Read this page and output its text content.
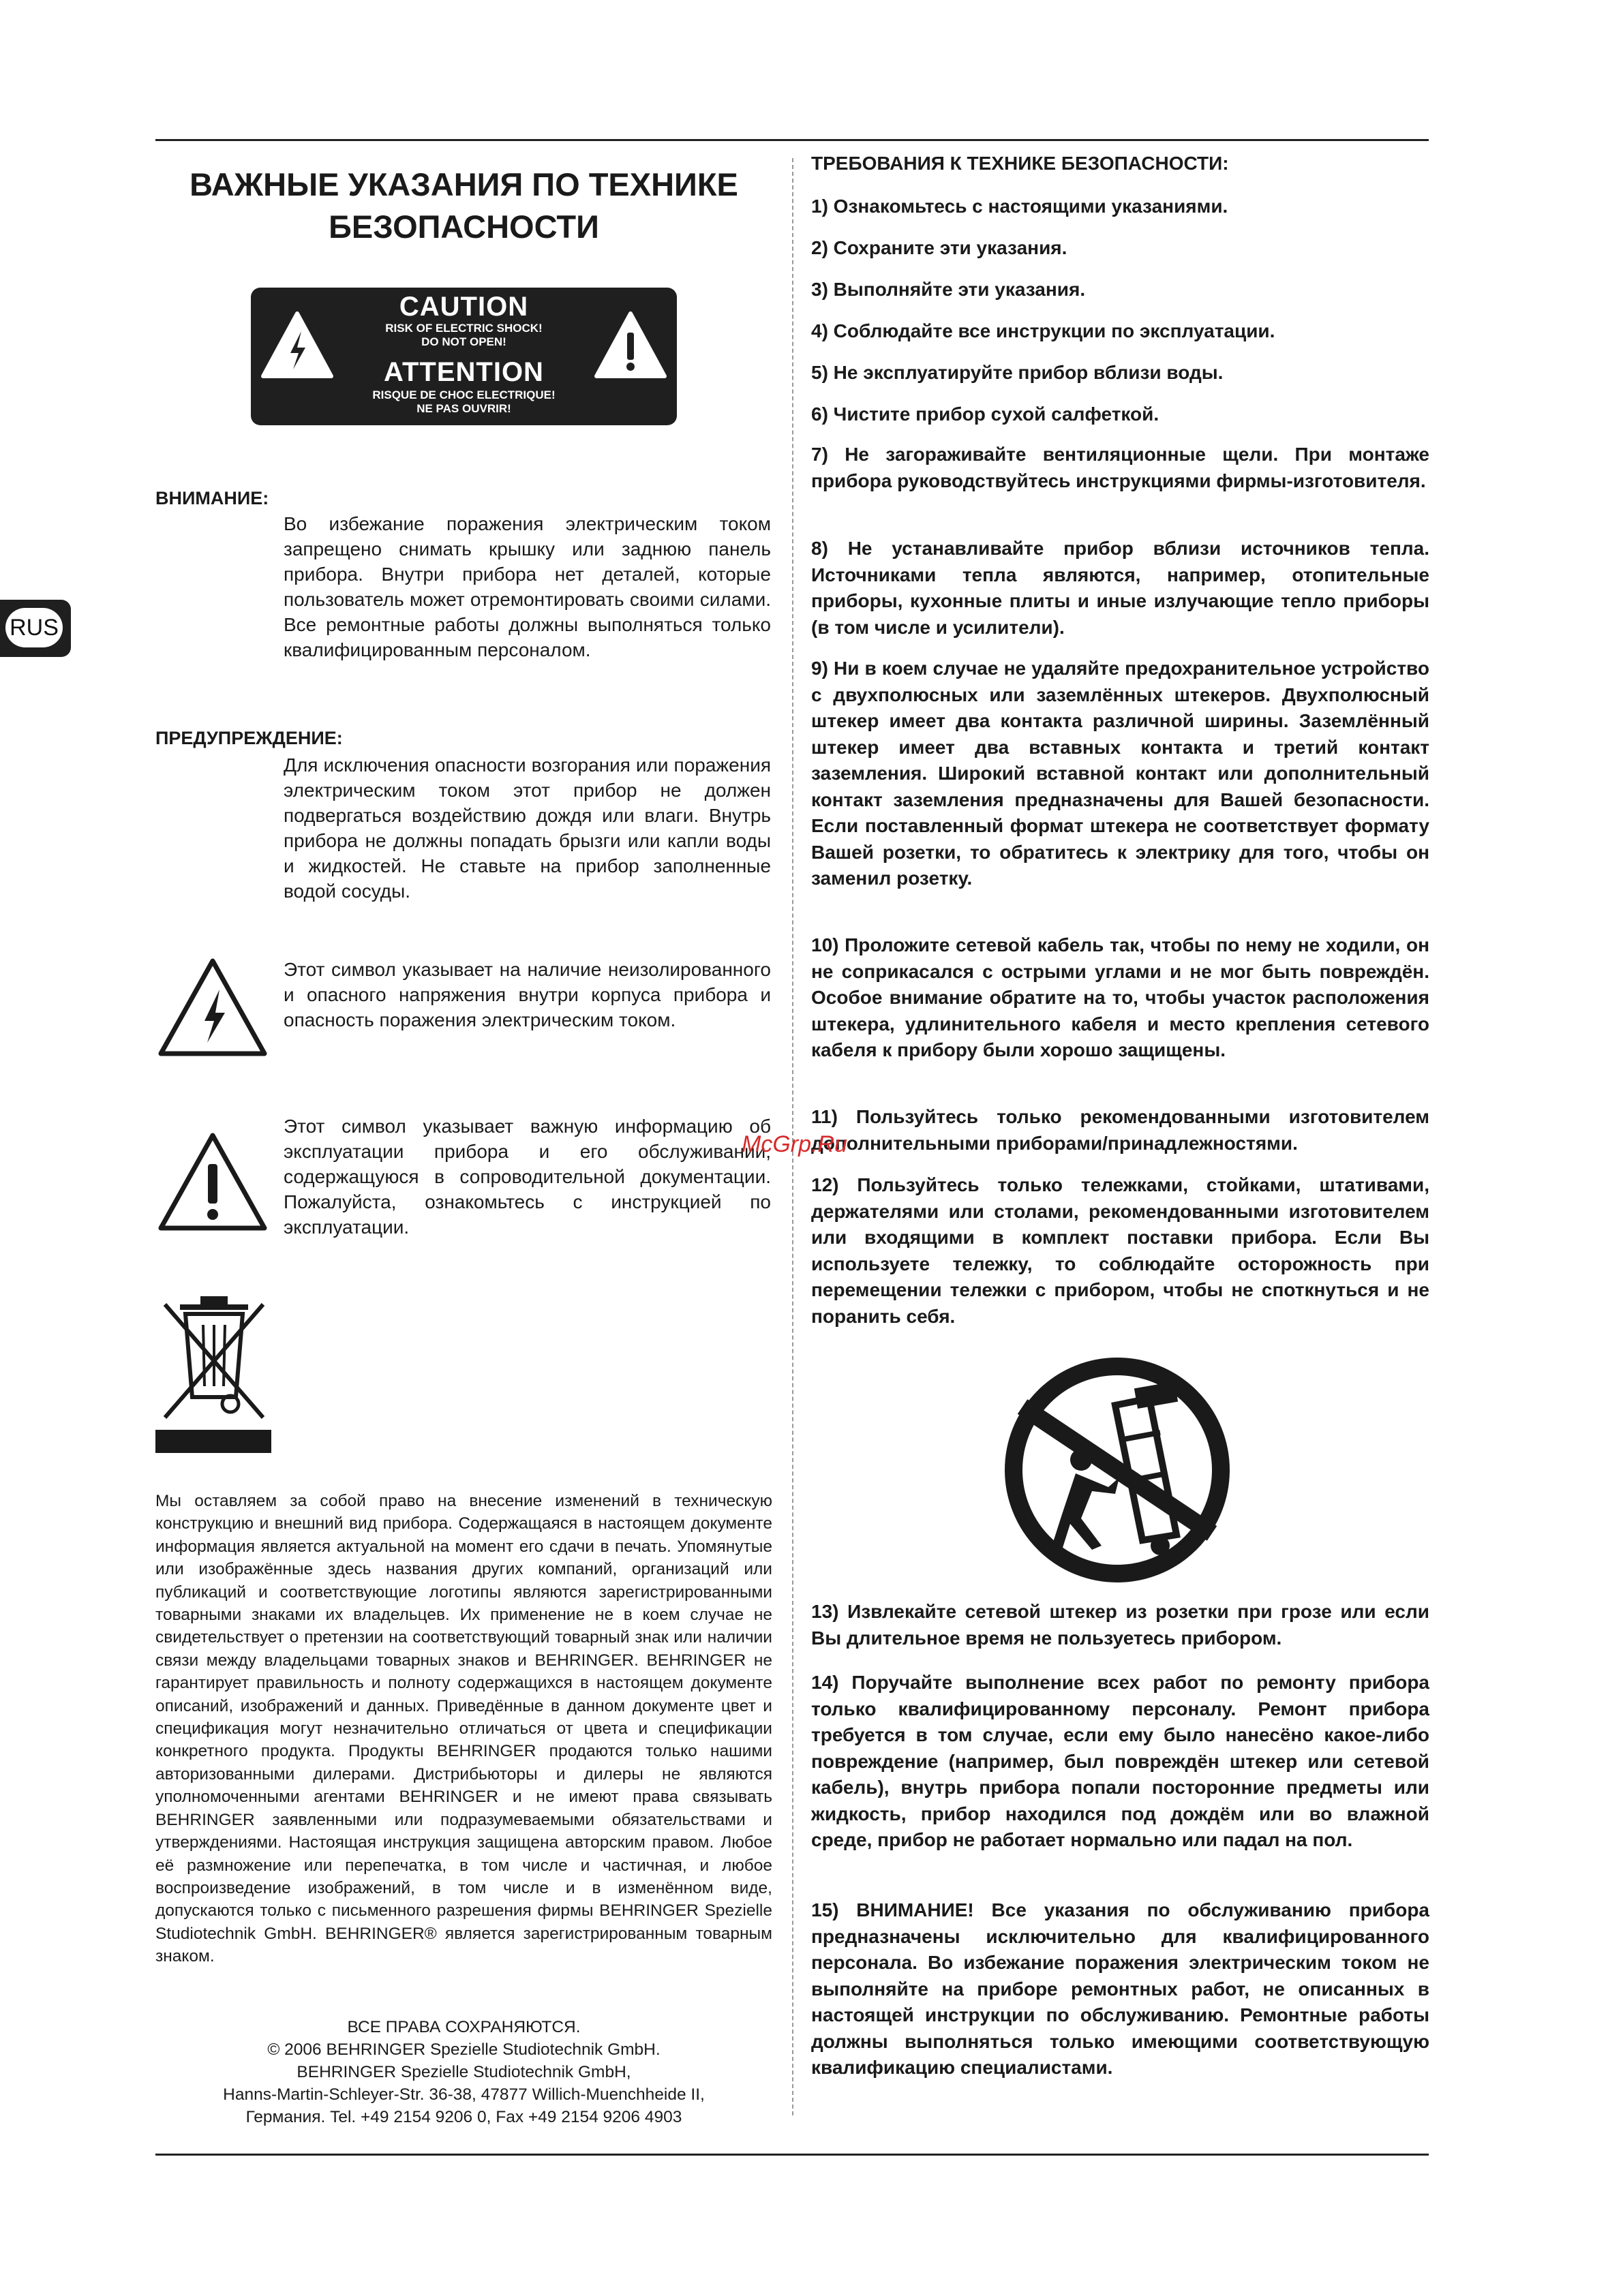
RUS
ВАЖНЫЕ УКАЗАНИЯ ПО ТЕХНИКЕ БЕЗОПАСНОСТИ
CAUTION
RISK OF ELECTRIC SHOCK!
DO NOT OPEN!
ATTENTION
RISQUE DE CHOC ELECTRIQUE!
NE PAS OUVRIR!
ВНИМАНИЕ:
Во избежание поражения электрическим током запрещено снимать крышку или заднюю панель прибора. Внутри прибора нет деталей, которые пользователь может отремонтировать своими силами. Все ремонтные работы должны выполняться только квалифицированным персоналом.
ПРЕДУПРЕЖДЕНИЕ:
Для исключения опасности возгорания или поражения электрическим током этот прибор не должен подвергаться воздействию дождя или влаги. Внутрь прибора не должны попадать брызги или капли воды и жидкостей. Не ставьте на прибор заполненные водой сосуды.
Этот символ указывает на наличие неизолированного и опасного напряжения внутри корпуса прибора и опасность поражения электрическим током.
Этот символ указывает важную информацию об эксплуатации прибора и его обслуживании, содержащуюся в сопроводительной документации. Пожалуйста, ознакомьтесь с инструкцией по эксплуатации.
Мы оставляем за собой право на внесение изменений в техническую конструкцию и внешний вид прибора. Содержащаяся в настоящем документе информация является актуальной на момент его сдачи в печать. Упомянутые или изображённые здесь названия других компаний, организаций или публикаций и соответствующие логотипы являются зарегистрированными товарными знаками их владельцев. Их применение не в коем случае не свидетельствует о претензии на соответствующий товарный знак или наличии связи между владельцами товарных знаков и BEHRINGER. BEHRINGER не гарантирует правильность и полноту содержащихся в настоящем документе описаний, изображений и данных. Приведённые в данном документе цвет и спецификация могут незначительно отличаться от цвета и спецификации конкретного продукта. Продукты BEHRINGER продаются только нашими авторизованными дилерами. Дистрибьюторы и дилеры не являются уполномоченными агентами BEHRINGER и не имеют права связывать BEHRINGER заявленными или подразумеваемыми обязательствами и утверждениями. Настоящая инструкция защищена авторским правом. Любое её размножение или перепечатка, в том числе и частичная, и любое воспроизведение изображений, в том числе и в изменённом виде, допускаются только с письменного разрешения фирмы BEHRINGER Spezielle Studiotechnik GmbH. BEHRINGER® является зарегистрированным товарным знаком.
ВСЕ ПРАВА СОХРАНЯЮТСЯ.
© 2006 BEHRINGER Spezielle Studiotechnik GmbH.
BEHRINGER Spezielle Studiotechnik GmbH,
Hanns-Martin-Schleyer-Str. 36-38, 47877 Willich-Muenchheide II,
Германия. Tel. +49 2154 9206 0, Fax +49 2154 9206 4903
ТРЕБОВАНИЯ К ТЕХНИКЕ БЕЗОПАСНОСТИ:
1) Ознакомьтесь с настоящими указаниями.
2) Сохраните эти указания.
3) Выполняйте эти указания.
4) Соблюдайте все инструкции по эксплуатации.
5) Не эксплуатируйте прибор вблизи воды.
6) Чистите прибор сухой салфеткой.
7) Не загораживайте вентиляционные щели. При монтаже прибора руководствуйтесь инструкциями фирмы-изготовителя.
8) Не устанавливайте прибор вблизи источников тепла. Источниками тепла являются, например, отопительные приборы, кухонные плиты и иные излучающие тепло приборы (в том числе и усилители).
9) Ни в коем случае не удаляйте предохранительное устройство с двухполюсных или заземлённых штекеров. Двухполюсный штекер имеет два контакта различной ширины. Заземлённый штекер имеет два вставных контакта и третий контакт заземления. Широкий вставной контакт или дополнительный контакт заземления предназначены для Вашей безопасности. Если поставленный формат штекера не соответствует формату Вашей розетки, то обратитесь к электрику для того, чтобы он заменил розетку.
10) Проложите сетевой кабель так, чтобы по нему не ходили, он не соприкасался с острыми углами и не мог быть повреждён. Особое внимание обратите на то, чтобы участок расположения штекера, удлинительного кабеля и место крепления сетевого кабеля к прибору были хорошо защищены.
11) Пользуйтесь только рекомендованными изготовителем дополнительными приборами/принадлежностями.
12) Пользуйтесь только тележками, стойками, штативами, держателями или столами, рекомендованными изготовителем или входящими в комплект поставки прибора. Если Вы используете тележку, то соблюдайте осторожность при перемещении тележки с прибором, чтобы не споткнуться и не поранить себя.
13) Извлекайте сетевой штекер из розетки при грозе или если Вы длительное время не пользуетесь прибором.
14) Поручайте выполнение всех работ по ремонту прибора только квалифицированному персоналу. Ремонт прибора требуется в том случае, если ему было нанесёно какое-либо повреждение (например, был повреждён штекер или сетевой кабель), внутрь прибора попали посторонние предметы или жидкость, прибор находился под дождём или во влажной среде, прибор не работает нормально или падал на пол.
15) ВНИМАНИЕ! Все указания по обслуживанию прибора предназначены исключительно для квалифицированного персонала. Во избежание поражения электрическим током не выполняйте на приборе ремонтных работ, не описанных в настоящей инструкции по обслуживанию. Ремонтные работы должны выполняться только имеющими соответствующую квалификацию специалистами.
McGrp.Ru
